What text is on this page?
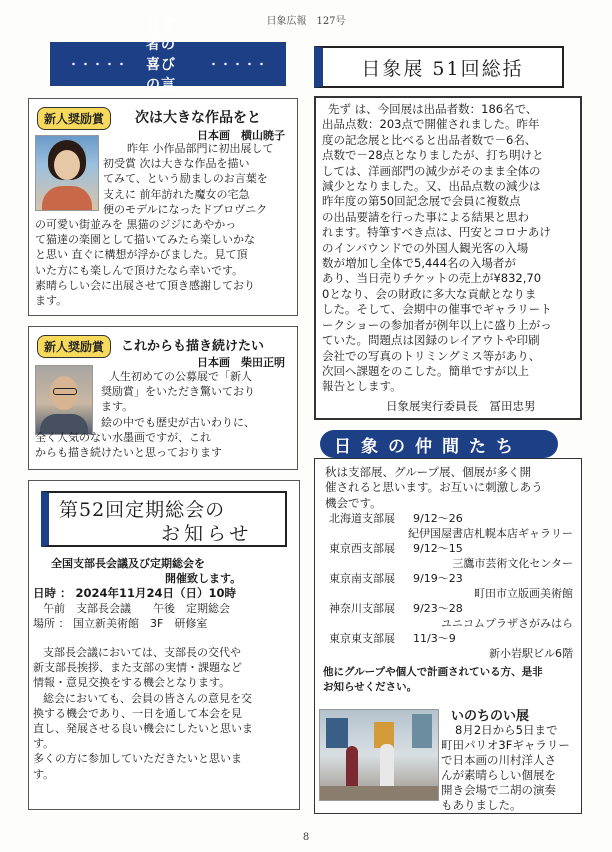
日象広報　127号
8
・・・・・
受賞者の喜びの言
・・・・・
新人奨励賞	次は大きな作品をと
日本画　横山暁子
昨年 小作品部門に初出展して
初受賞 次は大きな作品を描い
てみて、という励ましのお言葉を
支えに 前年訪れた魔女の宅急
便のモデルになったドブロヴニク
の可愛い街並みを 黒猫のジジにあやかっ
て猫達の楽園として描いてみたら楽しいかな
と思い 直ぐに構想が浮かびました。見て頂
いた方にも楽しんで頂けたなら幸いです。
素晴らしい会に出展させて頂き感謝しており
ます。
新人奨励賞	これからも描き続けたい
日本画　柴田正明
人生初めての公募展で「新人
奨励賞」をいただき驚いており
ます。
絵の中でも歴史が古いわりに、
全く人気のない水墨画ですが、これ
からも描き続けたいと思っております
第52回定期総会の
お知らせ
全国支部長会議及び定期総会を
開催致します。
日時 ： 2024年11月24日（日）10時
午前　支部長会議　　午後　定期総会
場所 ： 国立新美術館　3F　研修室
支部長会議においては、支部長の交代や
新支部長挨拶、また支部の実情・課題など
情報・意見交換をする機会となります。
総会においても、会員の皆さんの意見を交
換する機会であり、一日を通して本会を見
直し、発展させる良い機会にしたいと思いま
す。
多くの方に参加していただきたいと思いま
す。
日象展 51回総括
先ず は、今回展は出品者数：186名で、
出品点数：203点で開催されました。昨年
度の記念展と比べると出品者数で－6名、
点数で－28点となりましたが、打ち明けと
しては、洋画部門の減少がそのまま全体の
減少となりました。又、出品点数の減少は
昨年度の第50回記念展で会員に複数点
の出品要請を行った事による結果と思わ
れます。特筆すべき点は、円安とコロナあけ
のインバウンドでの外国人観光客の入場
数が増加し全体で5,444名の入場者が
あり、当日売りチケットの売上が¥832,70
0となり、会の財政に多大な貢献となりま
した。そして、会期中の催事でギャラリート
ークショーの参加者が例年以上に盛り上がっ
ていた。問題点は図録のレイアウトや印刷
会社での写真のトリミングミス等があり、
次回へ課題をのこした。簡単ですが以上
報告とします。
日象展実行委員長　冨田忠男
日象の仲間たち
秋は支部展、グループ展、個展が多く開
催されると思います。お互いに刺激しあう
機会です。
北海道支部展 9/12～26
紀伊国屋書店札幌本店ギャラリー
東京西支部展 9/12～15
三鷹市芸術文化センター
東京南支部展 9/19～23
町田市立版画美術館
神奈川支部展 9/23～28
ユニコムプラザさがみはら
東京東支部展 11/3～9
新小岩駅ビル6階
他にグループや個人で計画されている方、是非
お知らせください。
いのちのい展
8月2日から5日まで
町田パリオ3Fギャラリー
で日本画の川村洋人さ
んが素晴らしい個展を
開き会場で二胡の演奏
もありました。
